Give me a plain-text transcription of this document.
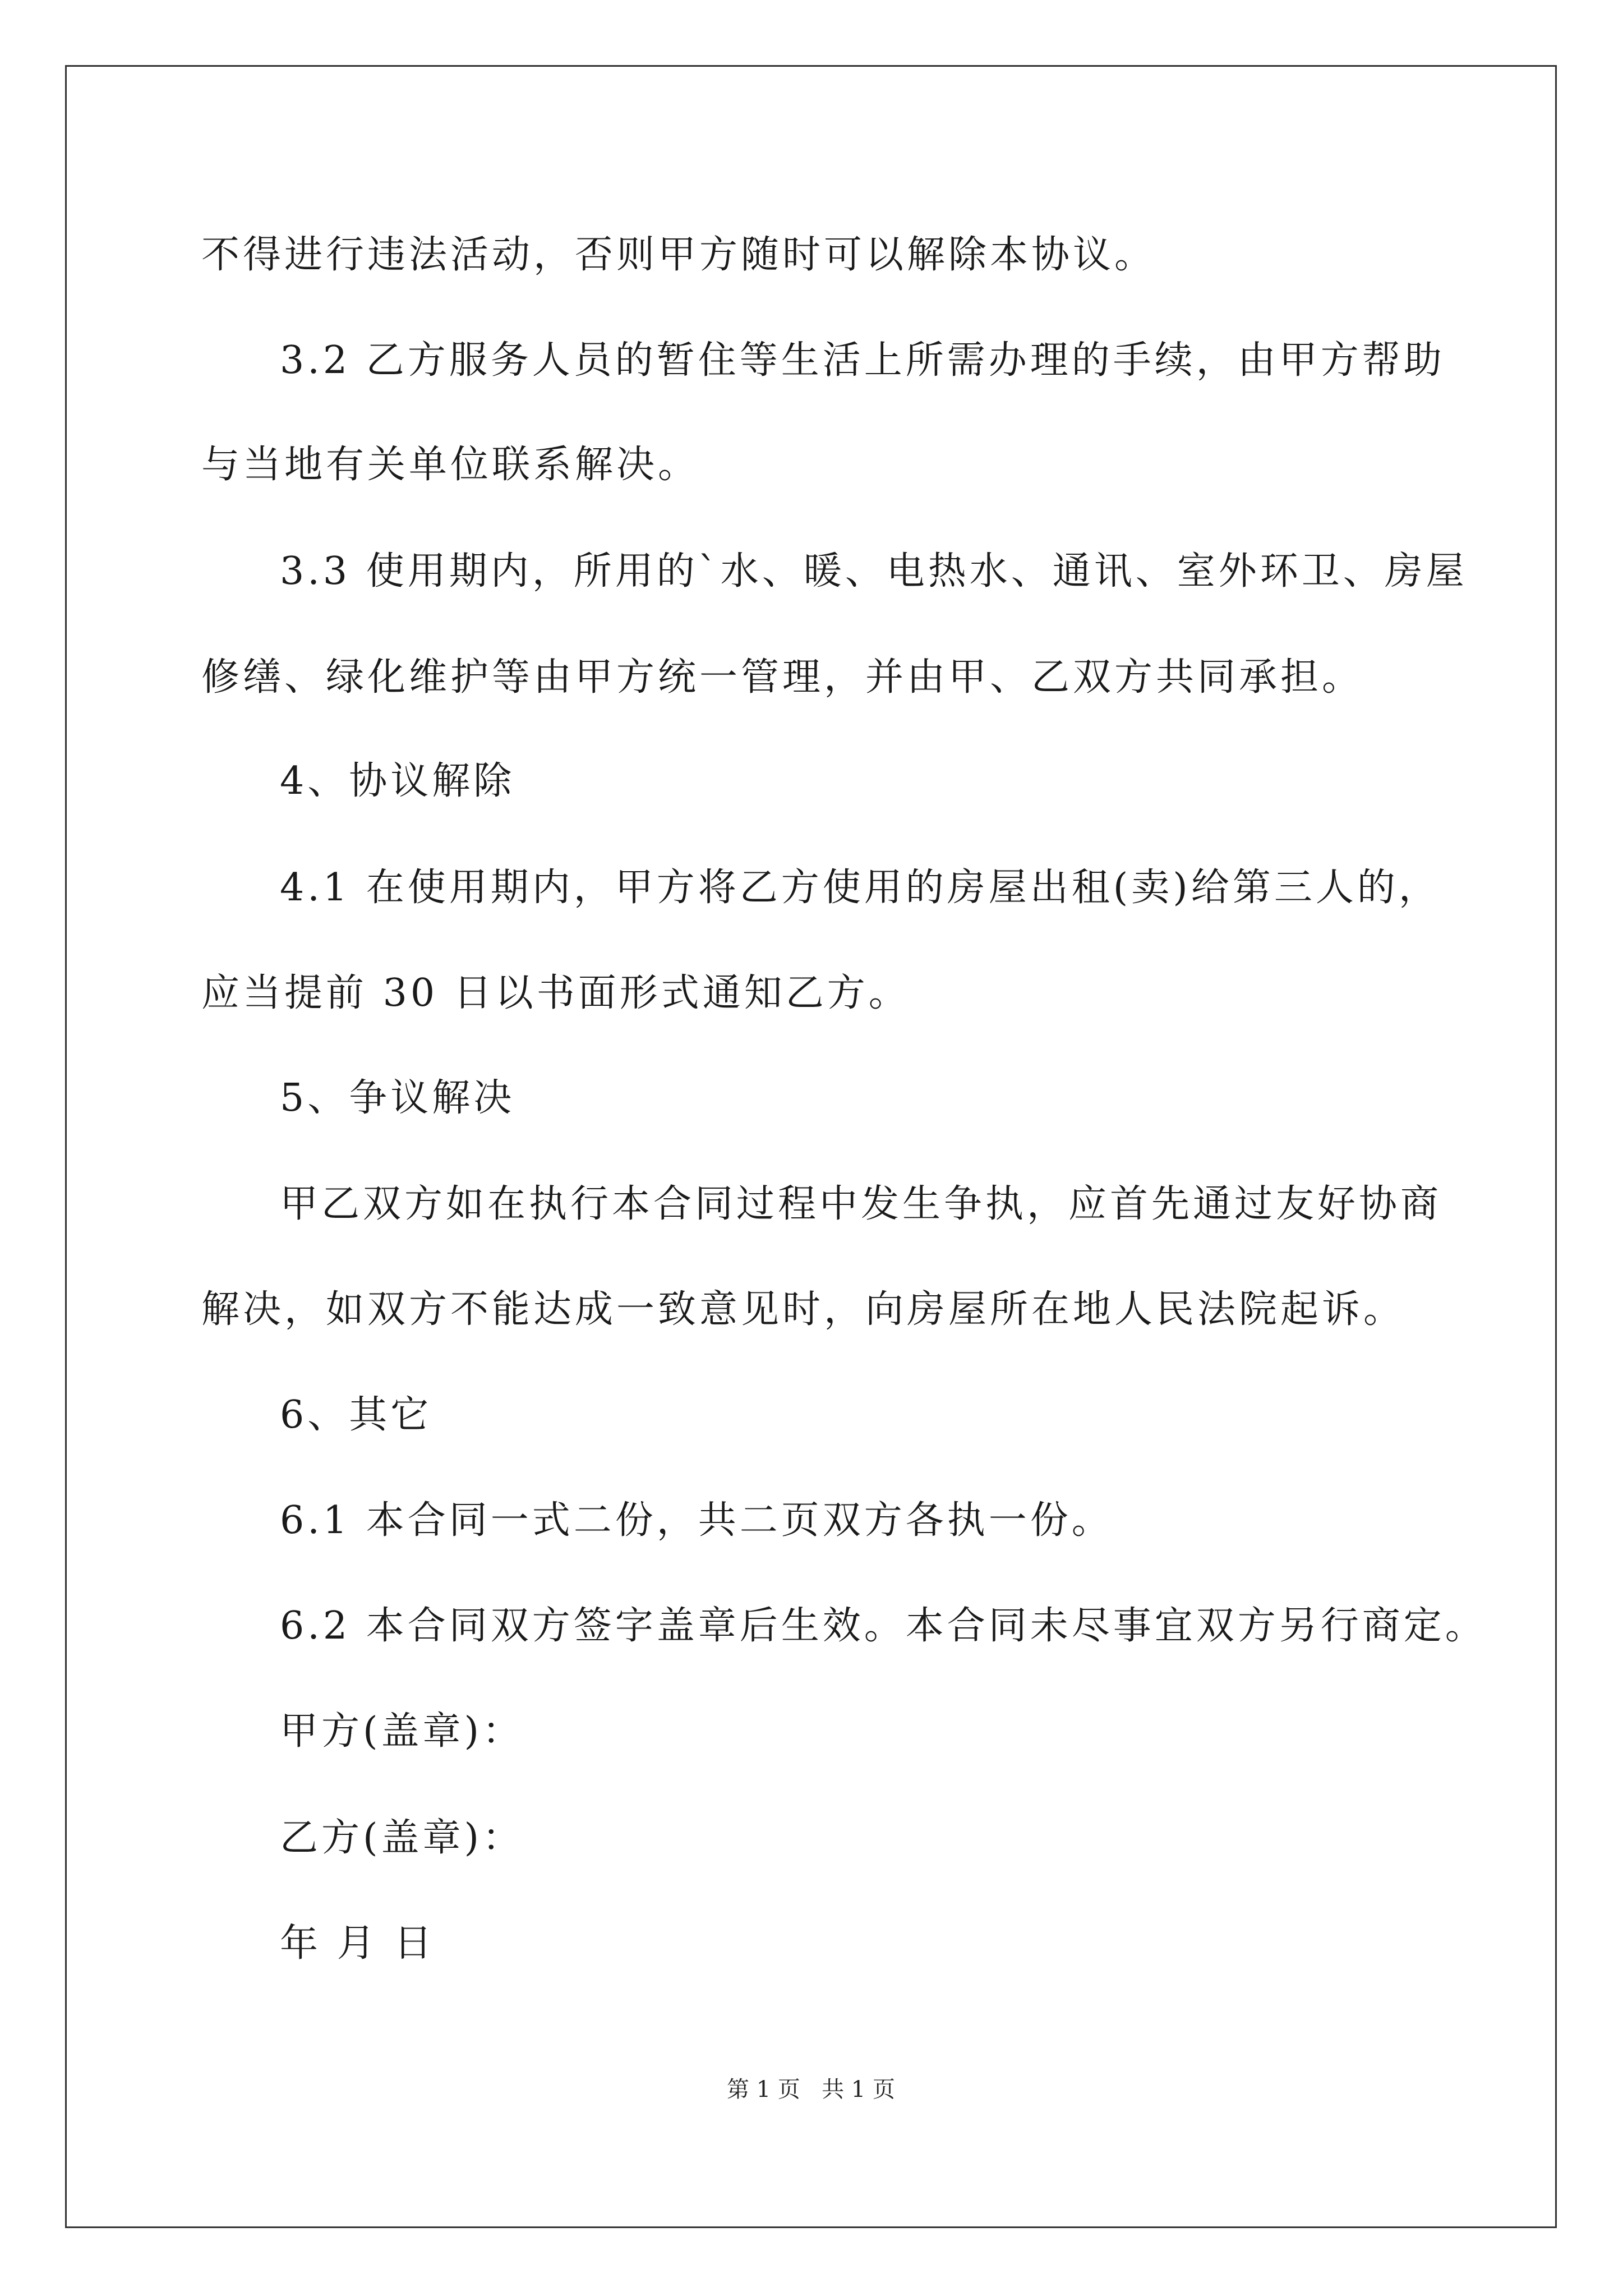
不得进行违法活动，否则甲方随时可以解除本协议。
3.2 乙方服务人员的暂住等生活上所需办理的手续，由甲方帮助
与当地有关单位联系解决。
3.3 使用期内，所用的`水、暖、电热水、通讯、室外环卫、房屋
修缮、绿化维护等由甲方统一管理，并由甲、乙双方共同承担。
4、协议解除
4.1 在使用期内，甲方将乙方使用的房屋出租(卖)给第三人的，
应当提前 30 日以书面形式通知乙方。
5、争议解决
甲乙双方如在执行本合同过程中发生争执，应首先通过友好协商
解决，如双方不能达成一致意见时，向房屋所在地人民法院起诉。
6、其它
6.1 本合同一式二份，共二页双方各执一份。
6.2 本合同双方签字盖章后生效。本合同未尽事宜双方另行商定。
甲方(盖章)：
乙方(盖章)：
年 月 日
第 1 页   共 1 页
